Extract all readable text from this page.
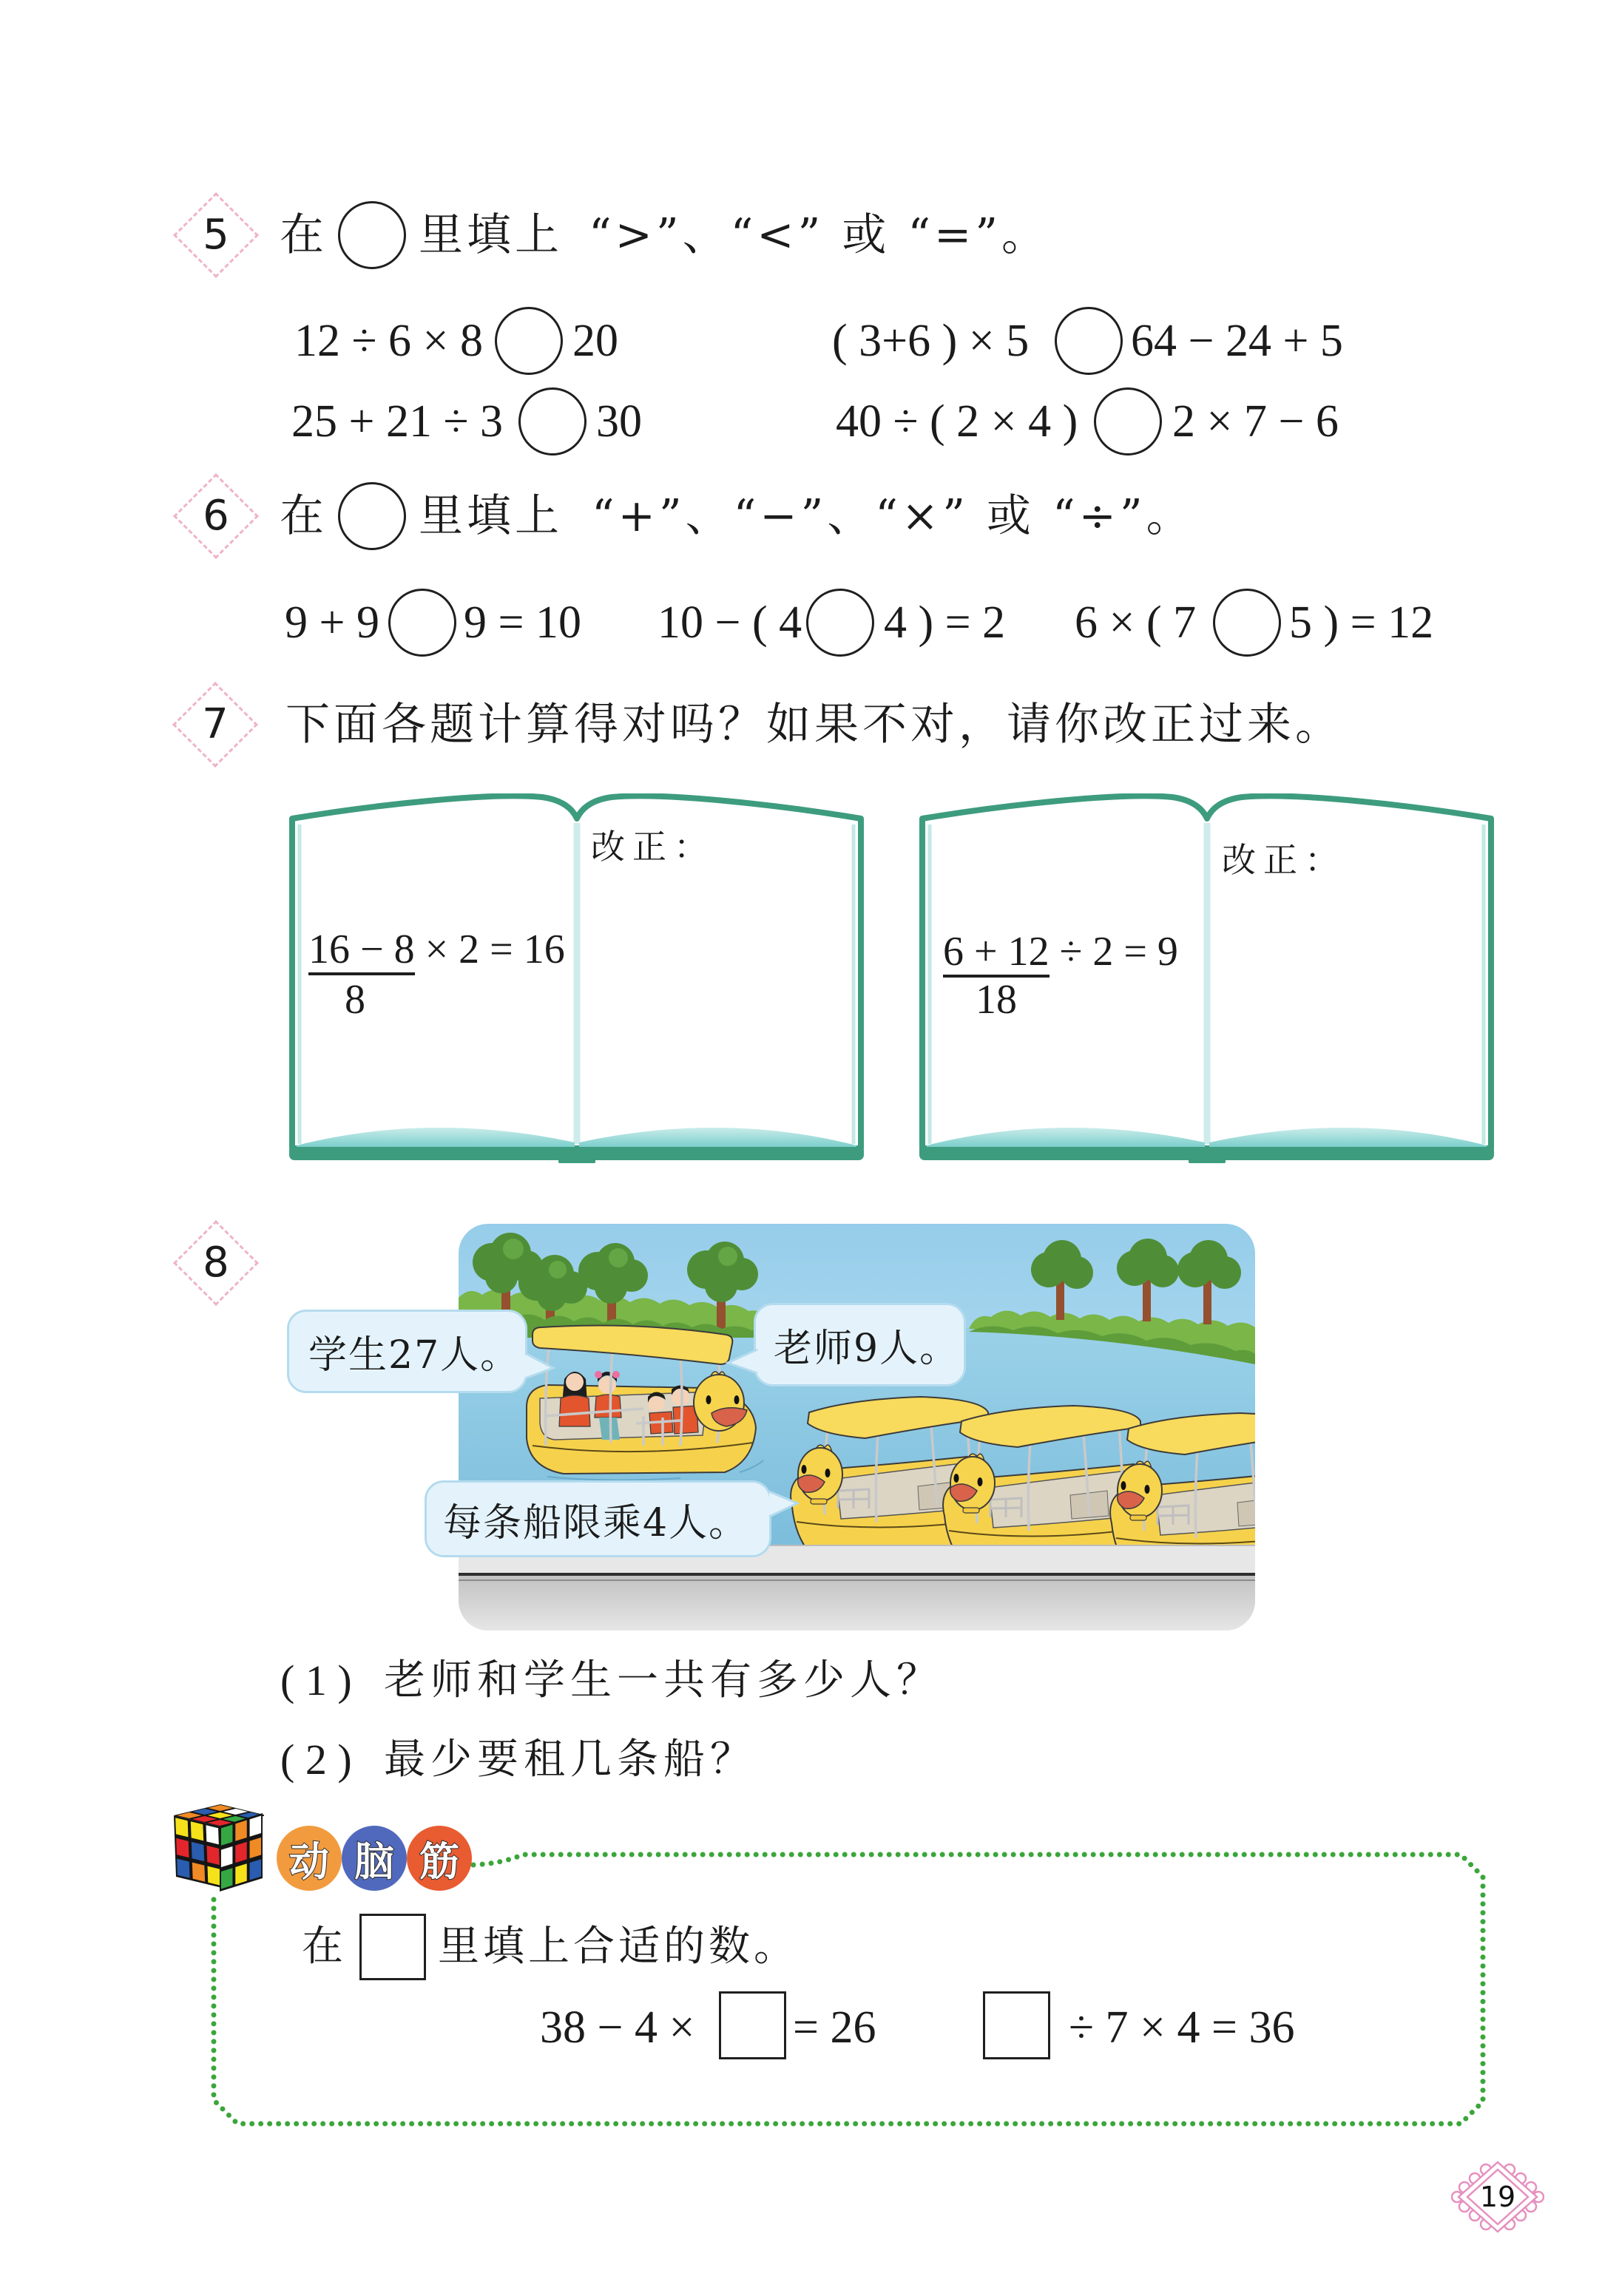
5	在 里填上 “>”、“<” 或 “=”。
12 ÷ 6 × 8 20	( 3+6 ) × 5 64 − 24 + 5
25 + 21 ÷ 3 30	40 ÷ ( 2 × 4 ) 2 × 7 − 6
6	在 里填上 “+”、“−”、“×” 或 “÷”。
9 + 9 9 = 10 10 − ( 4 4 ) = 2 6 × ( 7 5 ) = 12
7	下面各题计算得对吗？如果不对，请你改正过来。
改正：
16 − 8 × 2 = 16
8
改正：
6 + 12 ÷ 2 = 9
18
8
学生27人。	老师9人。
每条船限乘4人。
( 1 ) 老师和学生一共有多少人？
( 2 ) 最少要租几条船？
动 脑 筋
在 里填上合适的数。
38 − 4 × = 26	÷ 7 × 4 = 36
19
